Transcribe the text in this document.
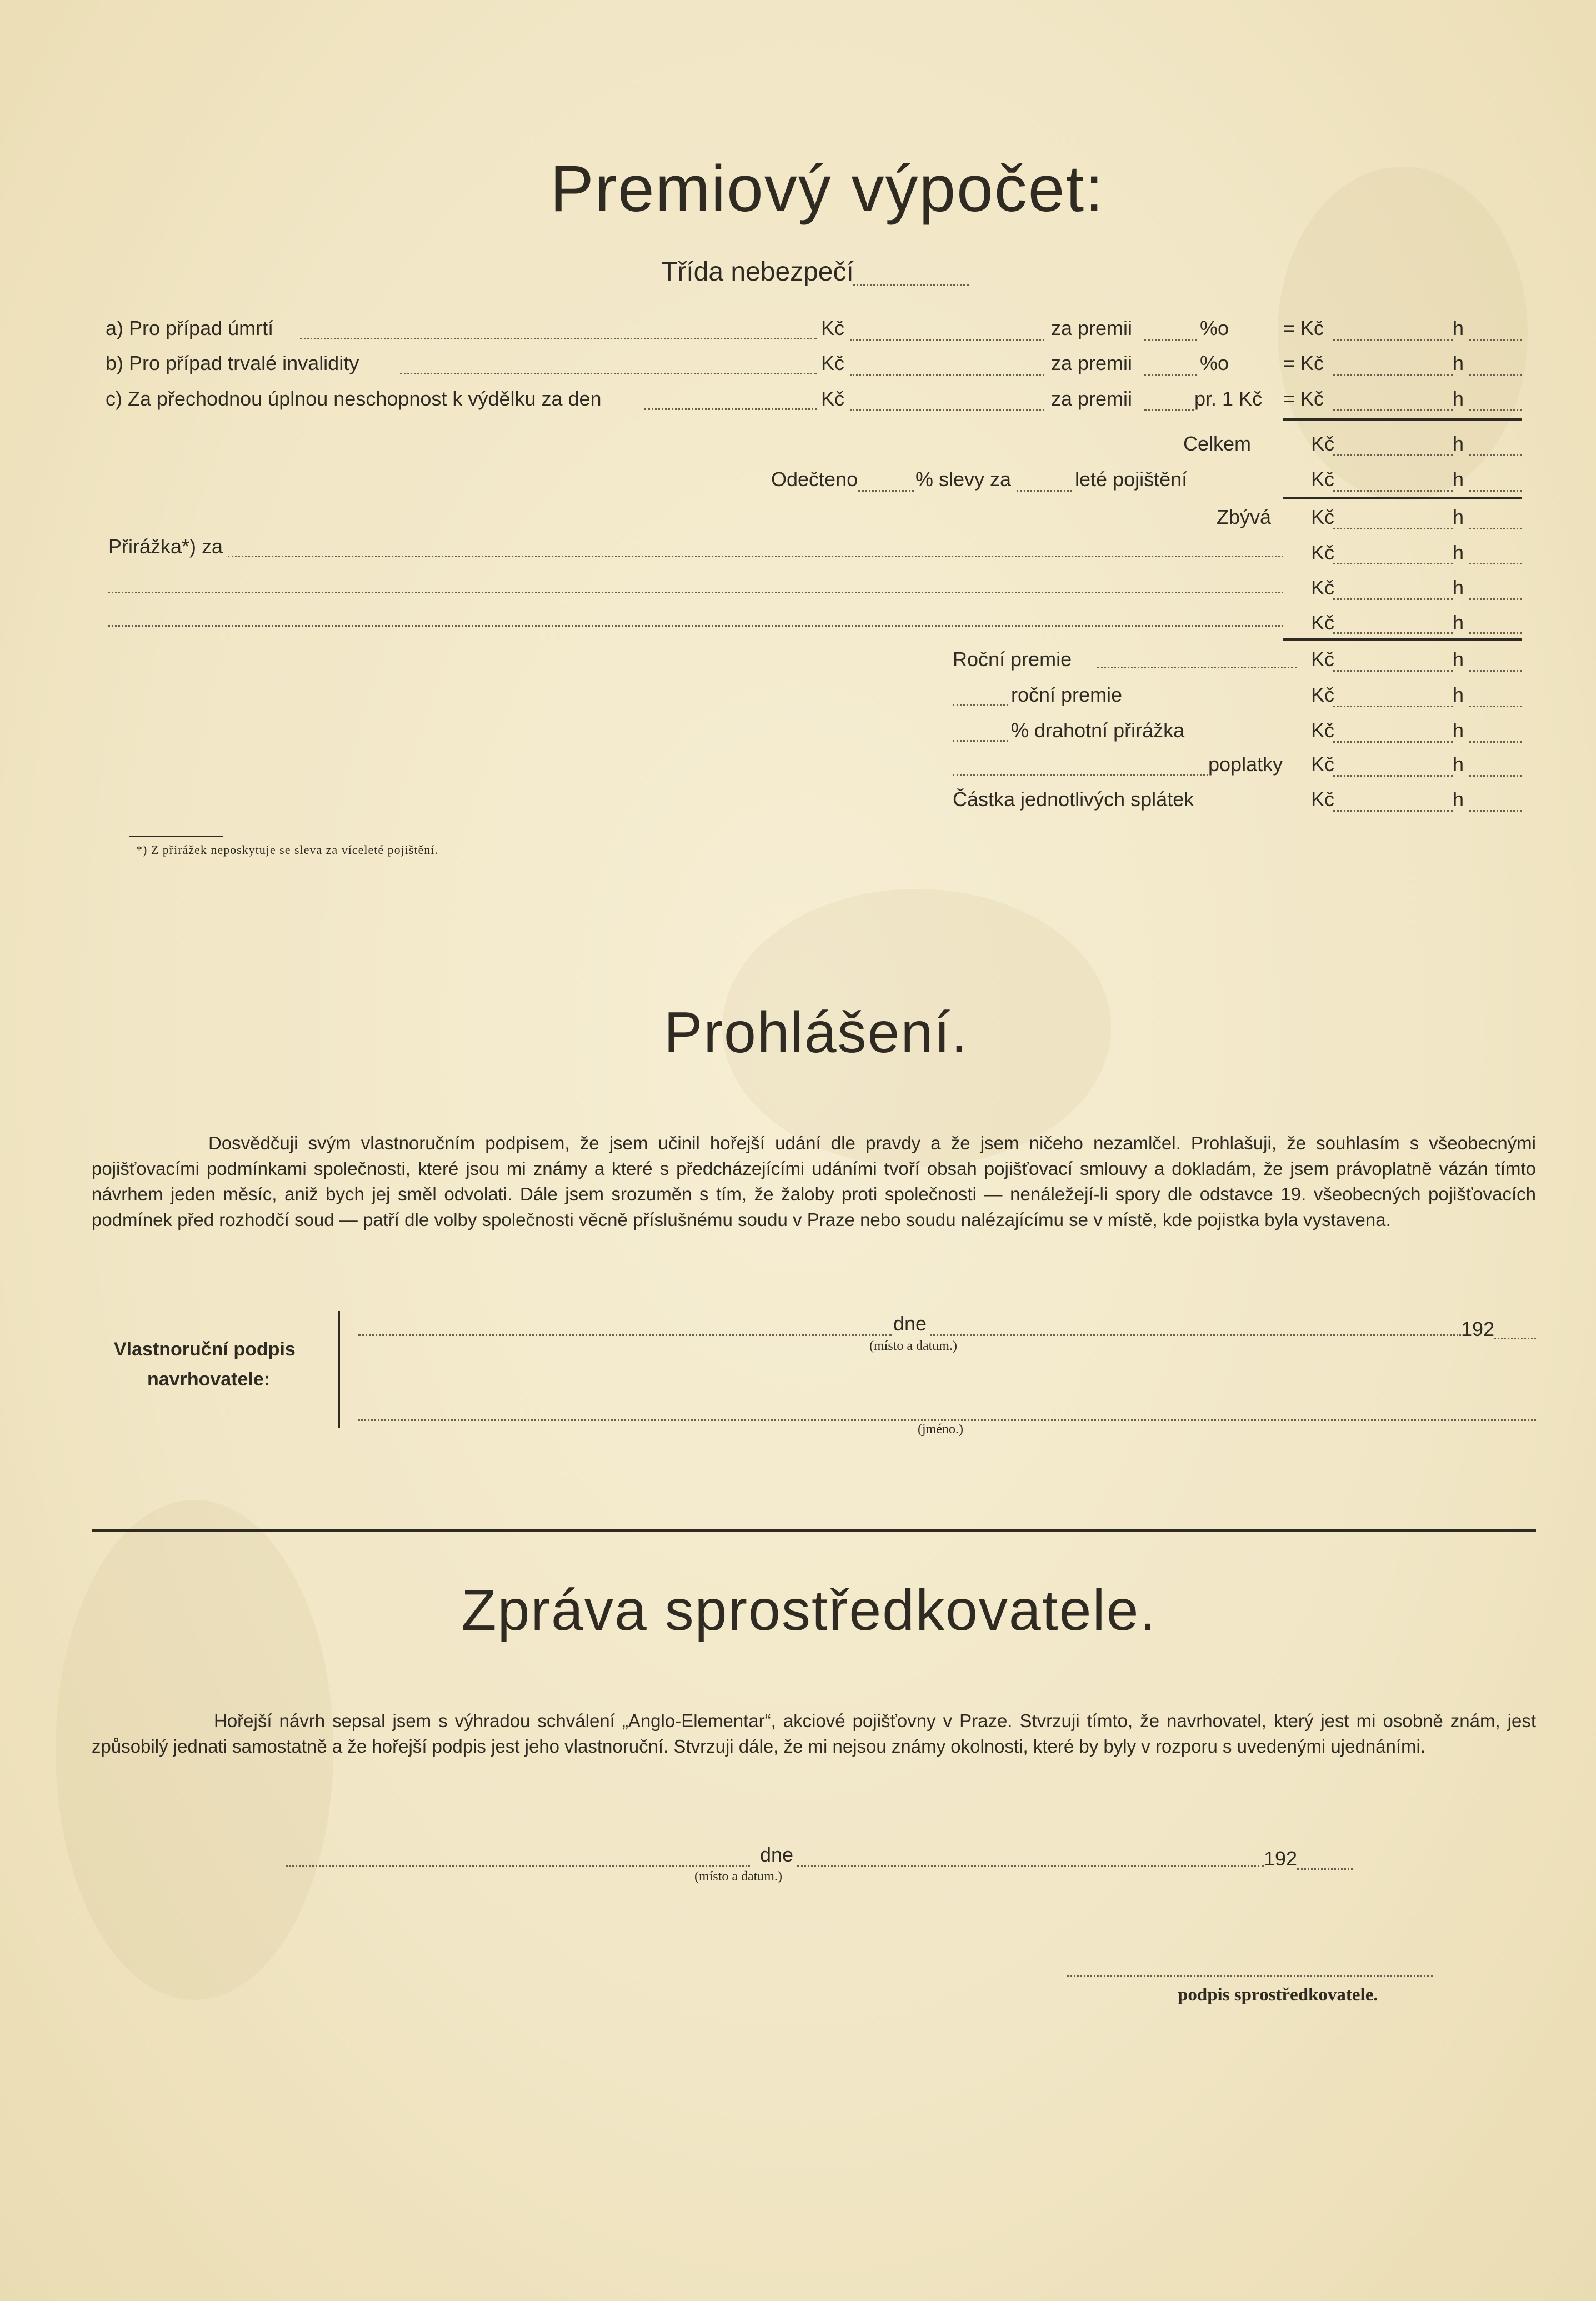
Premiový výpočet:
Třída nebezpečí
a) Pro případ úmrtí	Kč	za premii	%o	= Kč	h
b) Pro případ trvalé invalidity	Kč	za premii	%o	= Kč	h
c) Za přechodnou úplnou neschopnost k výdělku za den	Kč	za premii	pr. 1 Kč = Kč	h
Celkem	Kč	h
Odečteno	% slevy za	leté pojištění	Kč	h
Zbývá Kč	h
Přirážka*) za	Kč	h
Kč	h
Kč	h
Roční premie	Kč	h
roční premie	Kč	h
% drahotní přirážka	Kč	h
poplatky Kč	h
Částka jednotlivých splátek	Kč	h
*) Z přirážek neposkytuje se sleva za víceleté pojištění.
Prohlášení.
Dosvědčuji svým vlastnoručním podpisem, že jsem učinil hořejší udání dle pravdy a že jsem ničeho nezamlčel. Prohlašuji, že souhlasím s všeobecnými pojišťovacími podmínkami společnosti, které jsou mi známy a které s předcházejícími udáními tvoří obsah pojišťovací smlouvy a dokladám, že jsem právoplatně vázán tímto návrhem jeden měsíc, aniž bych jej směl odvolati. Dále jsem srozuměn s tím, že žaloby proti společnosti — nenáležejí-li spory dle odstavce 19. všeobecných pojišťovacích podmínek před rozhodčí soud — patří dle volby společnosti věcně příslušnému soudu v Praze nebo soudu nalézajícímu se v místě, kde pojistka byla vystavena.
Vlastnoruční podpis
navrhovatele:
dne	192
(místo a datum.)
(jméno.)
Zpráva sprostředkovatele.
Hořejší návrh sepsal jsem s výhradou schválení „Anglo-Elementar“, akciové pojišťovny v Praze. Stvrzuji tímto, že navrhovatel, který jest mi osobně znám, jest způsobilý jednati samostatně a že hořejší podpis jest jeho vlastnoruční. Stvrzuji dále, že mi nejsou známy okolnosti, které by byly v rozporu s uvedenými ujednáními.
dne	192
(místo a datum.)
podpis sprostředkovatele.
